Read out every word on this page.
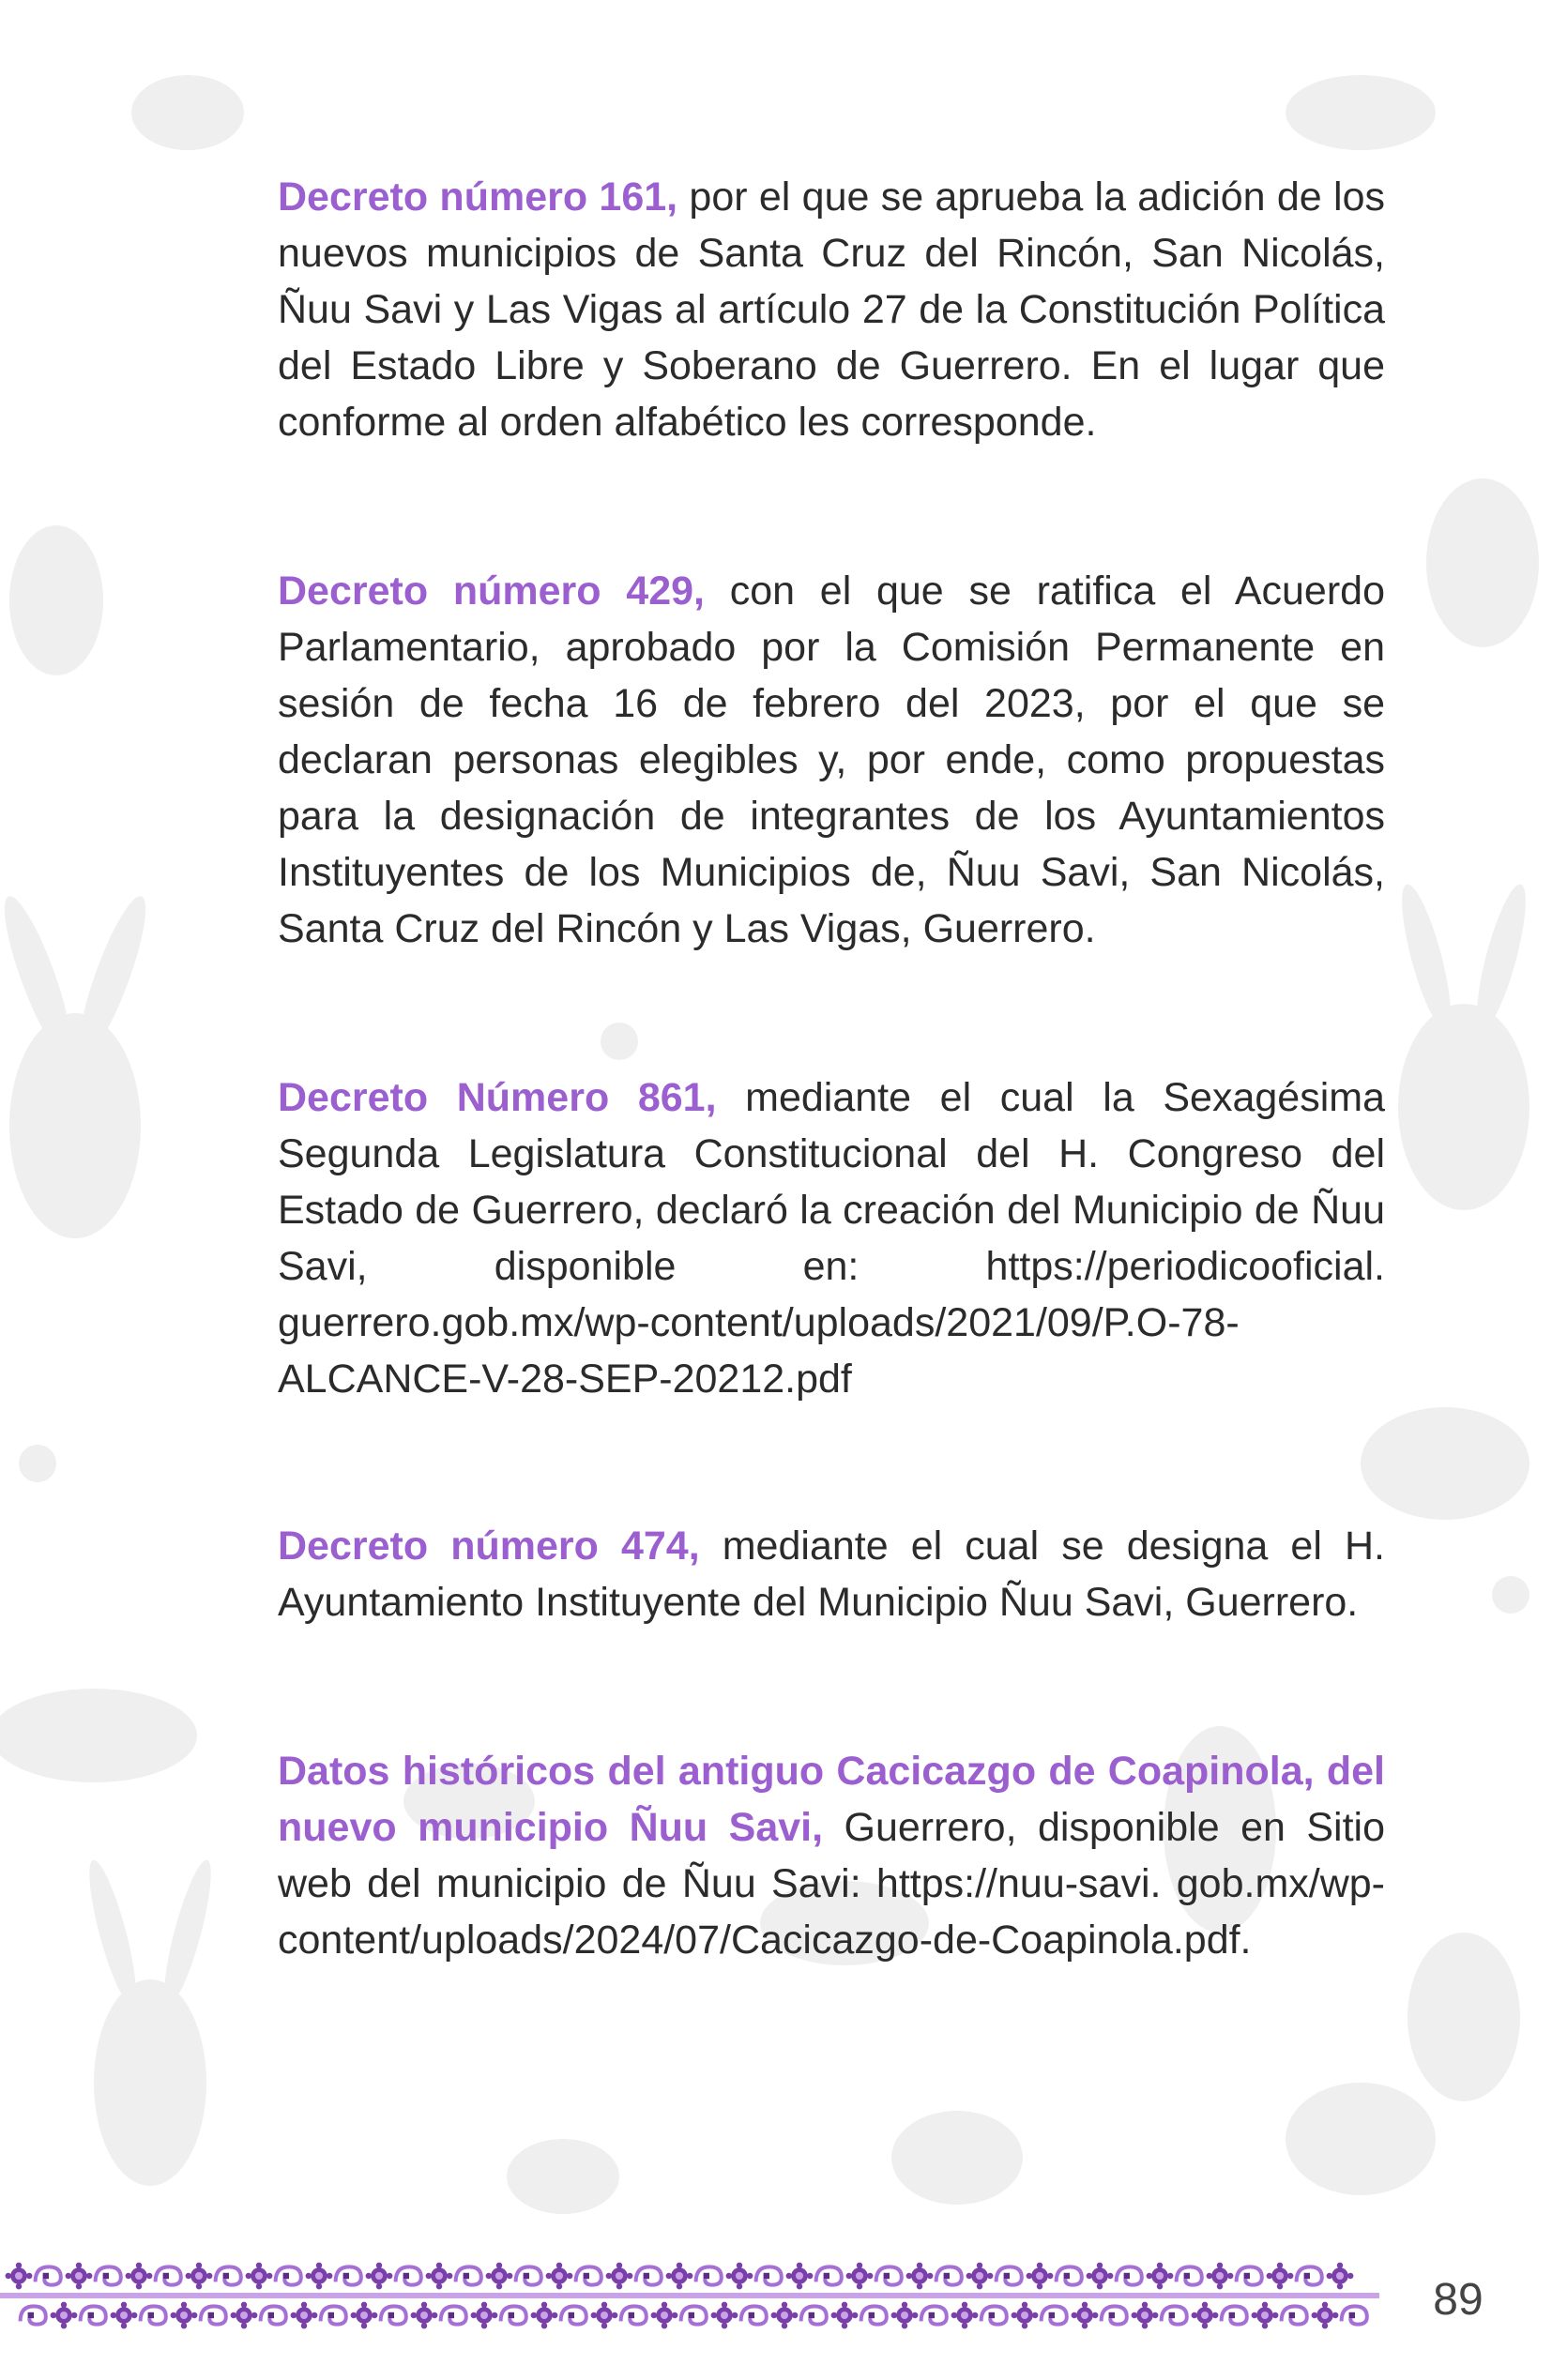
Decreto número 161, por el que se aprueba la adición de los nuevos municipios de Santa Cruz del Rincón, San Nicolás, Ñuu Savi y Las Vigas al artículo 27 de la Constitución Política del Estado Libre y Soberano de Guerrero. En el lugar que conforme al orden alfabético les corresponde.

Decreto número 429, con el que se ratifica el Acuerdo Parlamentario, aprobado por la Comisión Permanente en sesión de fecha 16 de febrero del 2023, por el que se declaran personas elegibles y, por ende, como propuestas para la designación de integrantes de los Ayuntamientos Instituyentes de los Municipios de, Ñuu Savi, San Nicolás, Santa Cruz del Rincón y Las Vigas, Guerrero.

Decreto Número 861, mediante el cual la Sexagésima Segunda Legislatura Constitucional del H. Congreso del Estado de Guerrero, declaró la creación del Municipio de Ñuu Savi, disponible en: https://periodicooficial. guerrero.gob.mx/wp-content/uploads/2021/09/P.O-78-ALCANCE-V-28-SEP-20212.pdf

Decreto número 474, mediante el cual se designa el H. Ayuntamiento Instituyente del Municipio Ñuu Savi, Guerrero.

Datos históricos del antiguo Cacicazgo de Coapinola, del nuevo municipio Ñuu Savi, Guerrero, disponible en Sitio web del municipio de Ñuu Savi: https://nuu-savi. gob.mx/wp-content/uploads/2024/07/Cacicazgo-de-Coapinola.pdf.

89
